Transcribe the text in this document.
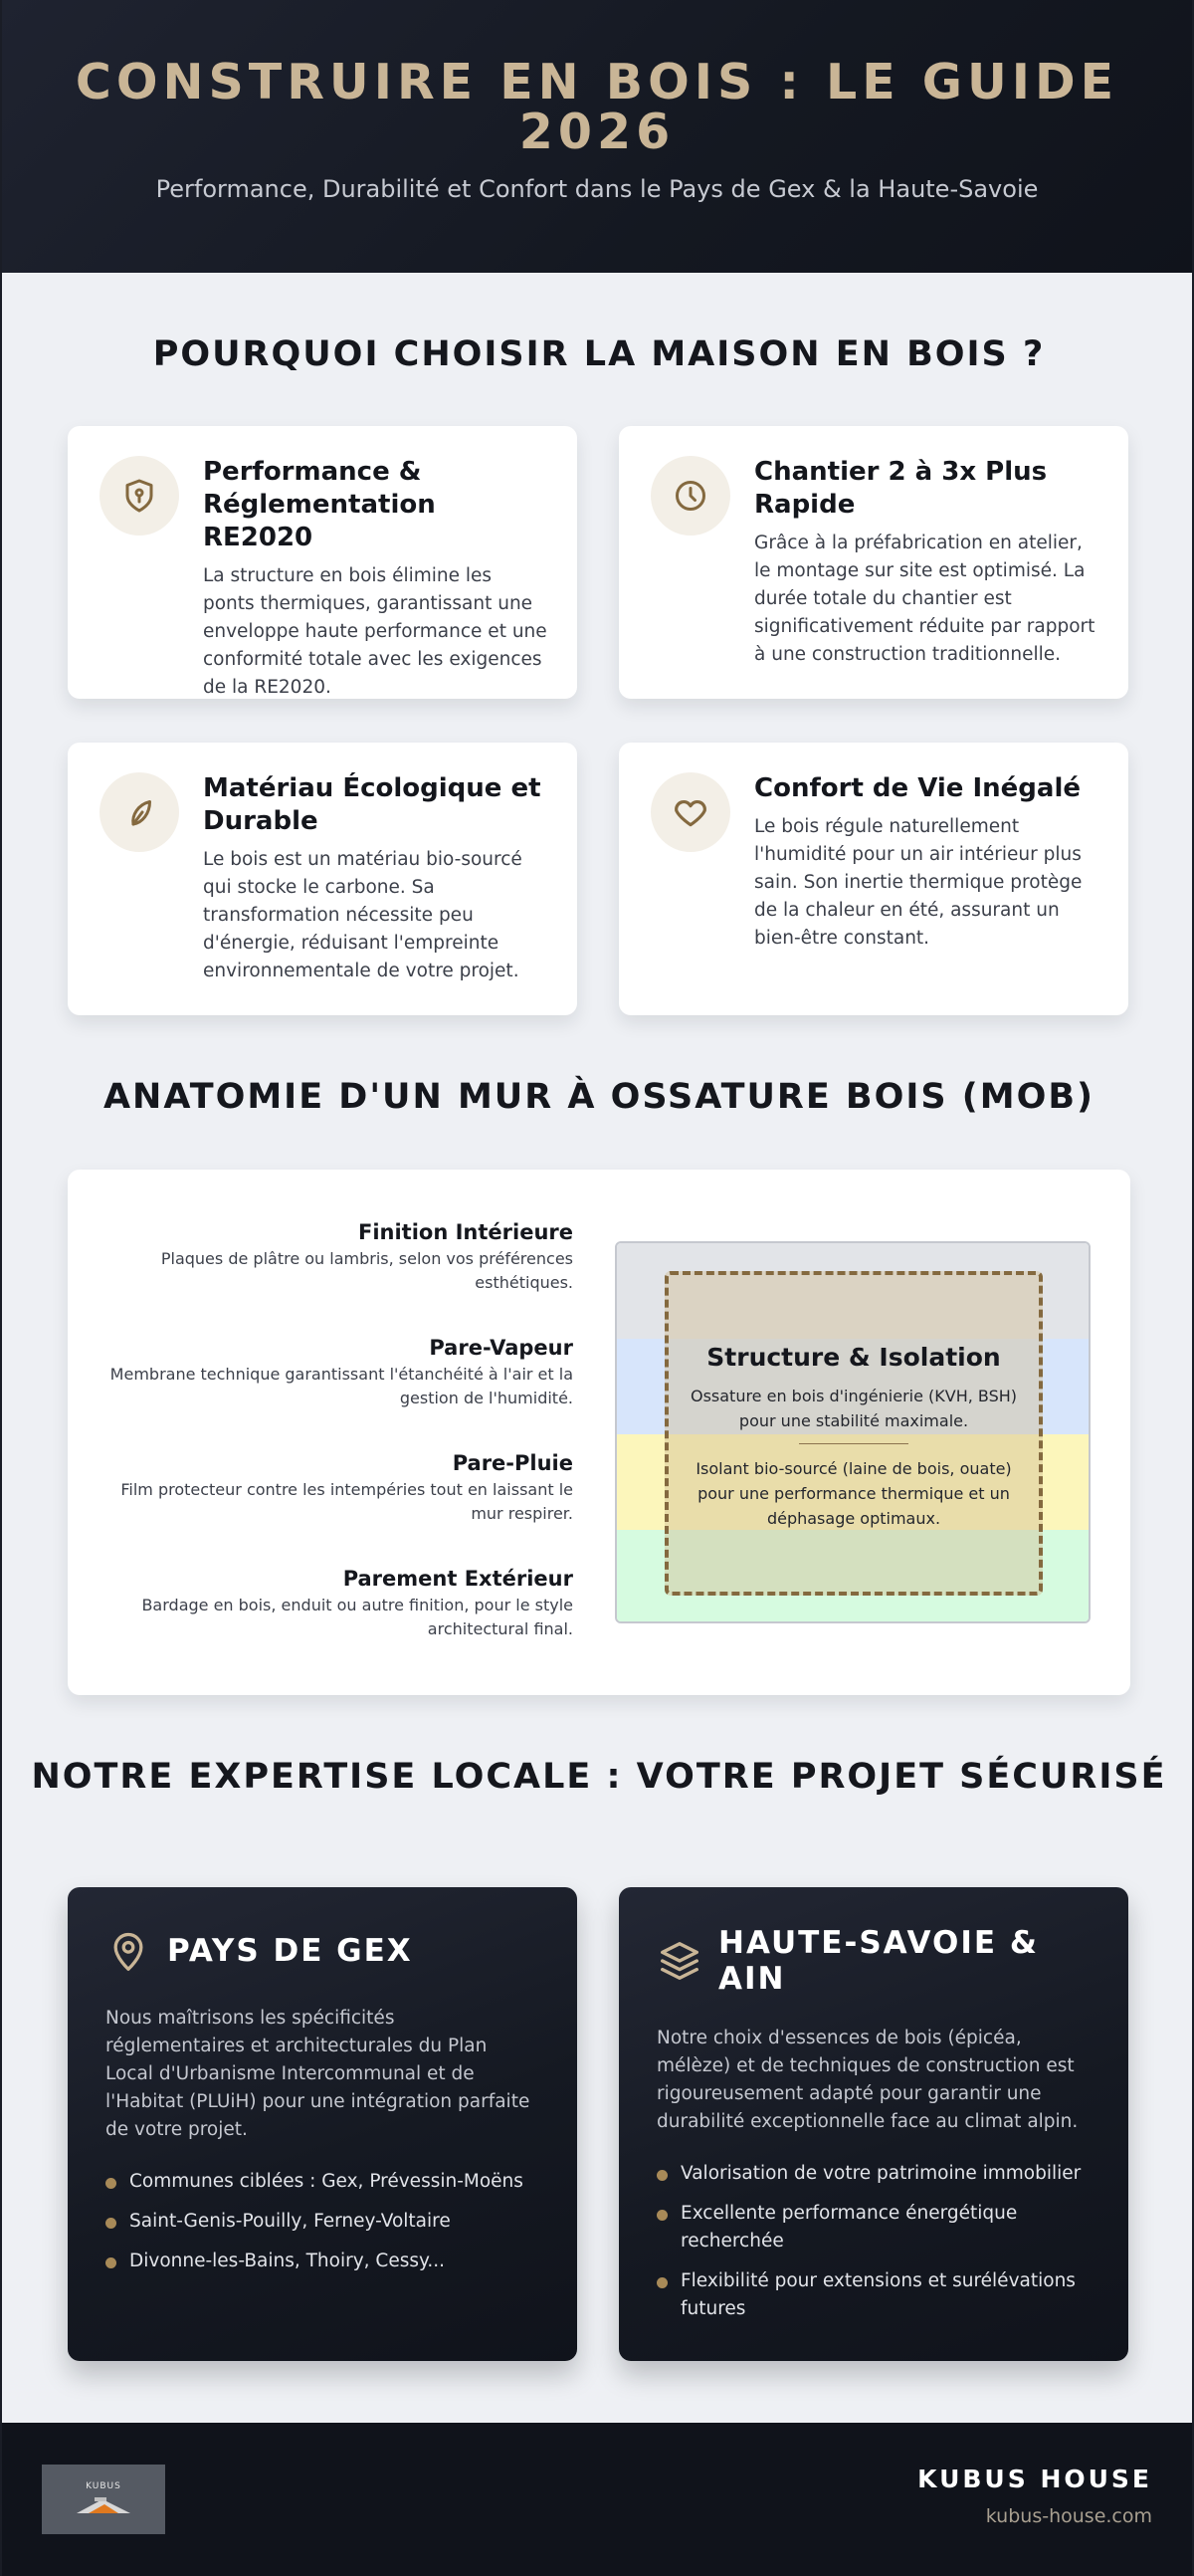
CONSTRUIRE EN BOIS : LE GUIDE 2026

Performance, Durabilité et Confort dans le Pays de Gex & la Haute-Savoie

POURQUOI CHOISIR LA MAISON EN BOIS ?
Performance & Réglementation RE2020

La structure en bois élimine les ponts thermiques, garantissant une enveloppe haute performance et une conformité totale avec les exigences de la RE2020.

Chantier 2 à 3x Plus Rapide

Grâce à la préfabrication en atelier, le montage sur site est optimisé. La durée totale du chantier est significativement réduite par rapport à une construction traditionnelle.

Matériau Écologique et Durable

Le bois est un matériau bio-sourcé qui stocke le carbone. Sa transformation nécessite peu d'énergie, réduisant l'empreinte environnementale de votre projet.

Confort de Vie Inégalé

Le bois régule naturellement l'humidité pour un air intérieur plus sain. Son inertie thermique protège de la chaleur en été, assurant un bien-être constant.

ANATOMIE D'UN MUR À OSSATURE BOIS (MOB)
Finition Intérieure

Plaques de plâtre ou lambris, selon vos préférences esthétiques.

Pare-Vapeur

Membrane technique garantissant l'étanchéité à l'air et la gestion de l'humidité.

Pare-Pluie

Film protecteur contre les intempéries tout en laissant le mur respirer.

Parement Extérieur

Bardage en bois, enduit ou autre finition, pour le style architectural final.

Structure & Isolation

Ossature en bois d'ingénierie (KVH, BSH) pour une stabilité maximale.

Isolant bio-sourcé (laine de bois, ouate) pour une performance thermique et un déphasage optimaux.

NOTRE EXPERTISE LOCALE : VOTRE PROJET SÉCURISÉ
PAYS DE GEX

Nous maîtrisons les spécificités réglementaires et architecturales du Plan Local d'Urbanisme Intercommunal et de l'Habitat (PLUiH) pour une intégration parfaite de votre projet.

Communes ciblées : Gex, Prévessin-Moëns
Saint-Genis-Pouilly, Ferney-Voltaire
Divonne-les-Bains, Thoiry, Cessy...
HAUTE-SAVOIE & AIN

Notre choix d'essences de bois (épicéa, mélèze) et de techniques de construction est rigoureusement adapté pour garantir une durabilité exceptionnelle face au climat alpin.

Valorisation de votre patrimoine immobilier
Excellente performance énergétique recherchée
Flexibilité pour extensions et surélévations futures
KUBUS	KUBUS HOUSE
kubus-house.com
